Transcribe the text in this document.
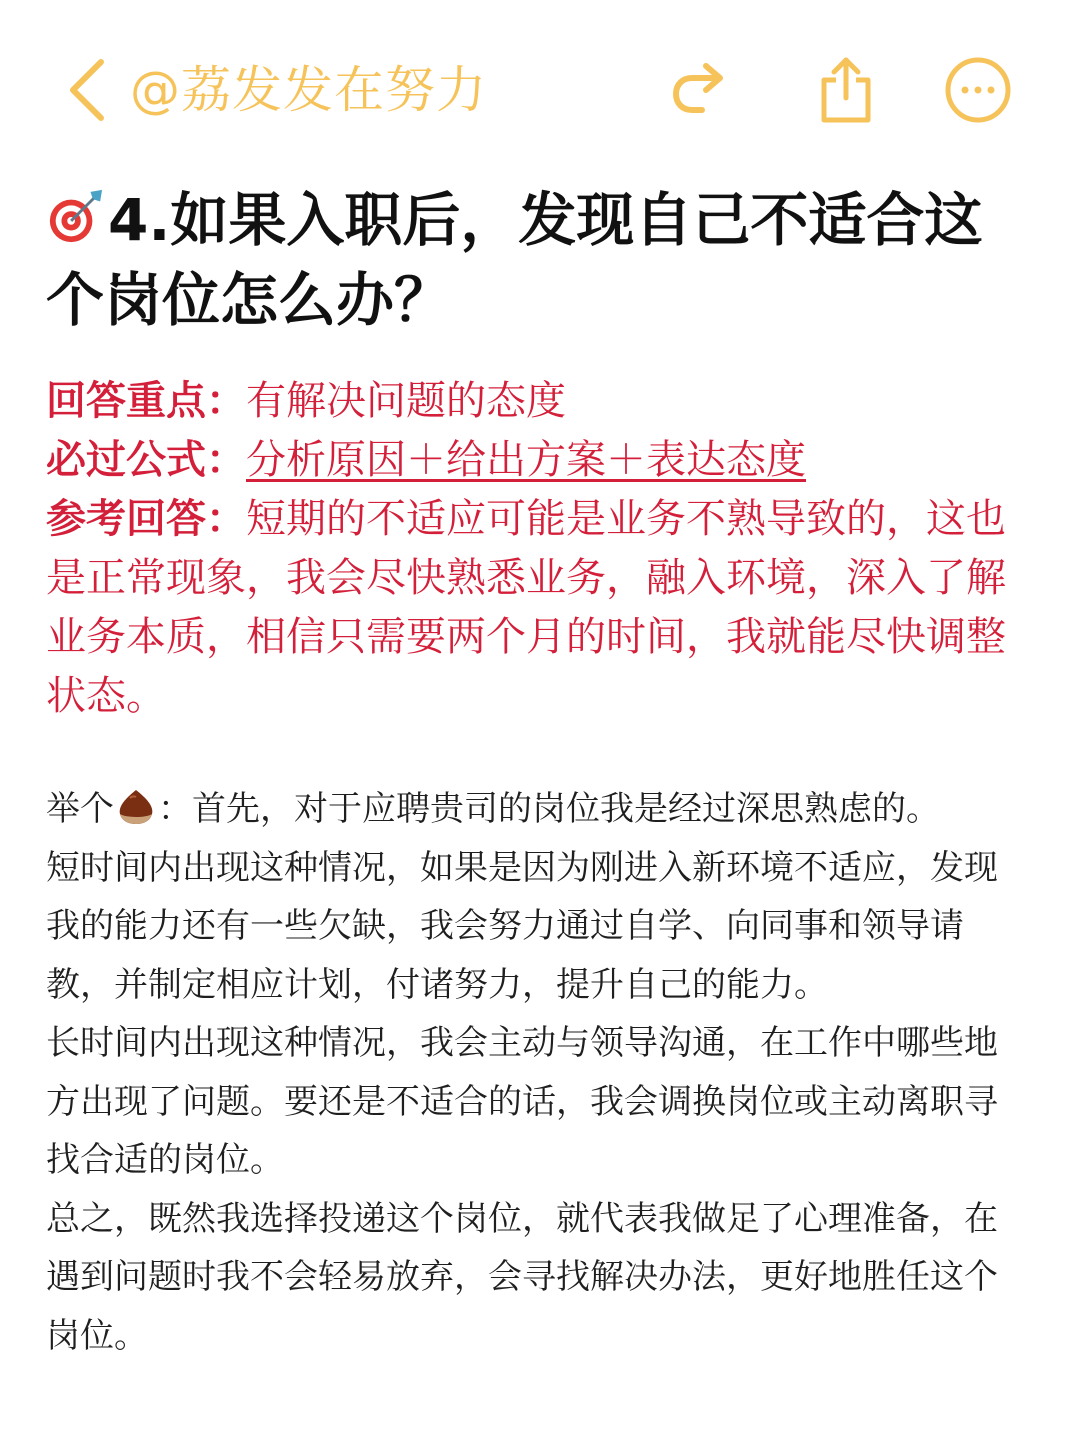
@荔发发在努力
4.如果入职后，发现自己不适合这个岗位怎么办？
回答重点：有解决问题的态度
必过公式：分析原因＋给出方案＋表达态度
参考回答：短期的不适应可能是业务不熟导致的，这也是正常现象，我会尽快熟悉业务，融入环境，深入了解业务本质，相信只需要两个月的时间，我就能尽快调整状态。

举个 ：首先，对于应聘贵司的岗位我是经过深思熟虑的。

短时间内出现这种情况，如果是因为刚进入新环境不适应，发现我的能力还有一些欠缺，我会努力通过自学、向同事和领导请教，并制定相应计划，付诸努力，提升自己的能力。

长时间内出现这种情况，我会主动与领导沟通，在工作中哪些地方出现了问题。要还是不适合的话，我会调换岗位或主动离职寻找合适的岗位。

总之，既然我选择投递这个岗位，就代表我做足了心理准备，在遇到问题时我不会轻易放弃，会寻找解决办法，更好地胜任这个岗位。
